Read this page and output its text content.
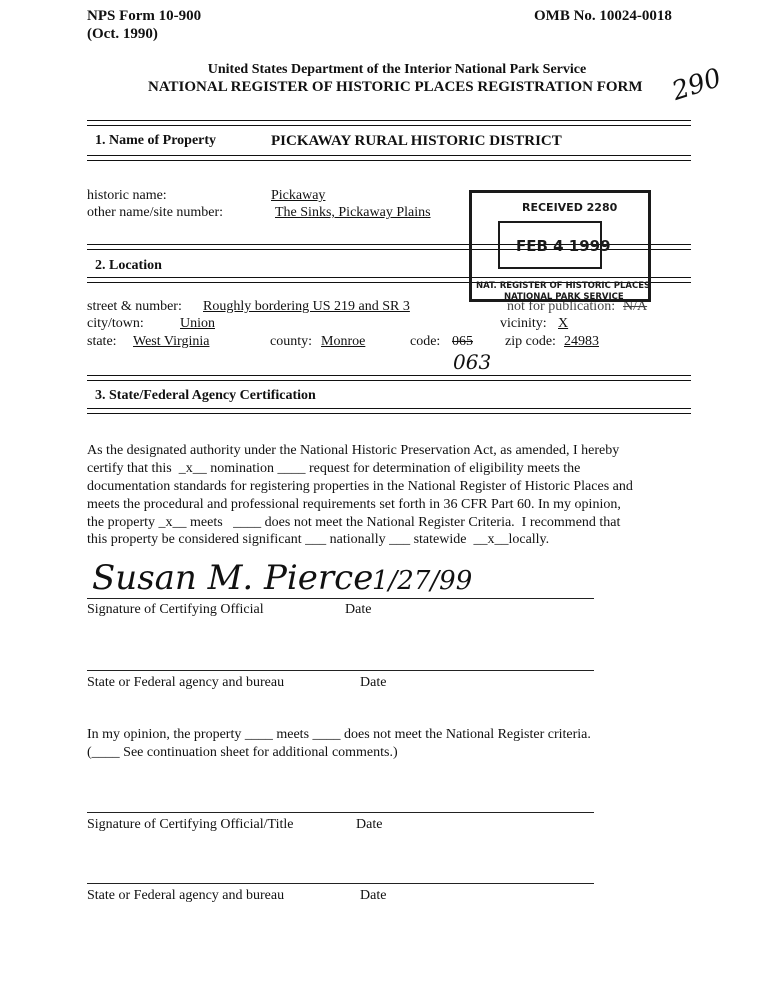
NPS Form 10-900
(Oct. 1990)
OMB No. 10024-0018
United States Department of the Interior National Park Service
NATIONAL REGISTER OF HISTORIC PLACES REGISTRATION FORM 290
1. Name of Property	PICKAWAY RURAL HISTORIC DISTRICT
historic name:	Pickaway
other name/site number:	The Sinks, Pickaway Plains
2. Location
street & number: Roughly bordering US 219 and SR 3	not for publication: N/A
city/town:	Union	vicinity: X
state: West Virginia	county: Monroe	code: 065
063
zip code: 24983
RECEIVED 2280
FEB 4 1999
NAT. REGISTER OF HISTORIC PLACES
NATIONAL PARK SERVICE
3. State/Federal Agency Certification
As the designated authority under the National Historic Preservation Act, as amended, I hereby
certify that this  _x__ nomination ____ request for determination of eligibility meets the
documentation standards for registering properties in the National Register of Historic Places and
meets the procedural and professional requirements set forth in 36 CFR Part 60. In my opinion,
the property _x__ meets   ____ does not meet the National Register Criteria.  I recommend that
this property be considered significant ___ nationally ___ statewide  __x__locally.
Susan M. Pierce
1/27/99
Signature of Certifying Official	Date
State or Federal agency and bureau	Date
In my opinion, the property ____ meets ____ does not meet the National Register criteria.
(____ See continuation sheet for additional comments.)
Signature of Certifying Official/Title	Date
State or Federal agency and bureau	Date
